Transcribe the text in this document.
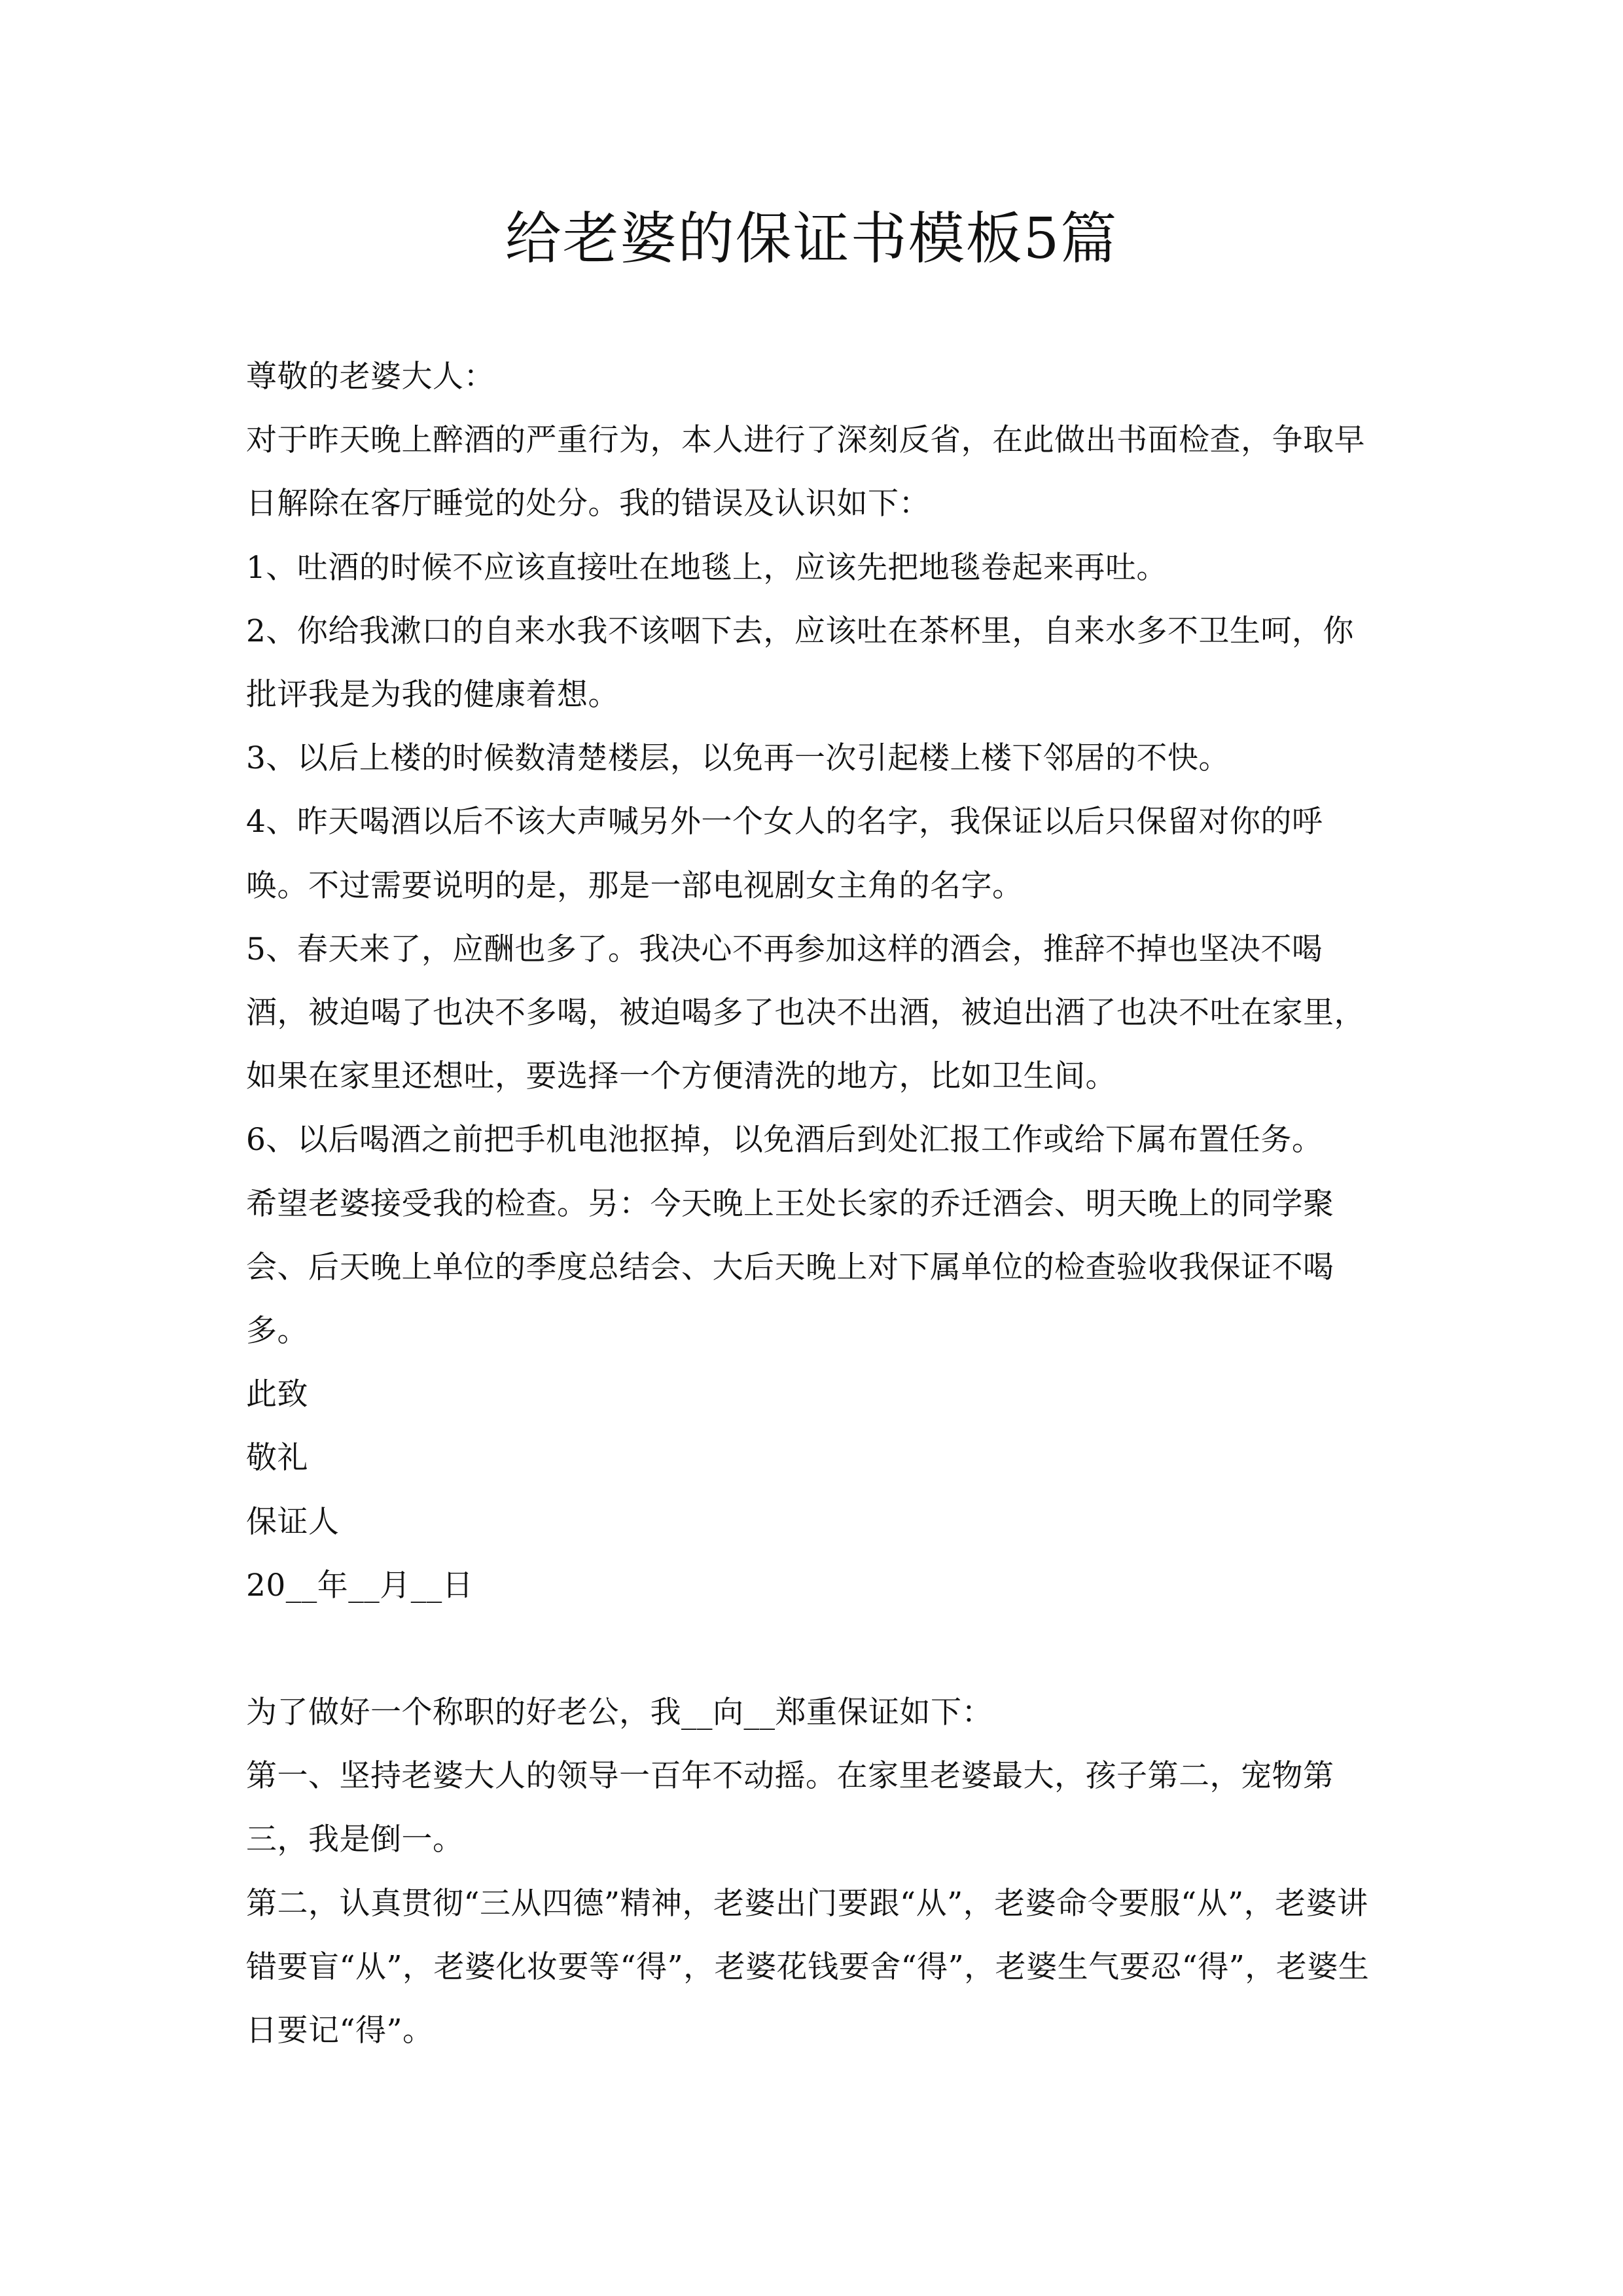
给老婆的保证书模板5篇

尊敬的老婆大人：

对于昨天晚上醉酒的严重行为，本人进行了深刻反省，在此做出书面检查，争取早日解除在客厅睡觉的处分。我的错误及认识如下：

1、吐酒的时候不应该直接吐在地毯上，应该先把地毯卷起来再吐。

2、你给我漱口的自来水我不该咽下去，应该吐在茶杯里，自来水多不卫生呵，你批评我是为我的健康着想。

3、以后上楼的时候数清楚楼层，以免再一次引起楼上楼下邻居的不快。

4、昨天喝酒以后不该大声喊另外一个女人的名字，我保证以后只保留对你的呼唤。不过需要说明的是，那是一部电视剧女主角的名字。

5、春天来了，应酬也多了。我决心不再参加这样的酒会，推辞不掉也坚决不喝酒，被迫喝了也决不多喝，被迫喝多了也决不出酒，被迫出酒了也决不吐在家里，如果在家里还想吐，要选择一个方便清洗的地方，比如卫生间。

6、以后喝酒之前把手机电池抠掉，以免酒后到处汇报工作或给下属布置任务。

希望老婆接受我的检查。另：今天晚上王处长家的乔迁酒会、明天晚上的同学聚会、后天晚上单位的季度总结会、大后天晚上对下属单位的检查验收我保证不喝多。

此致

敬礼

保证人

20__年__月__日

为了做好一个称职的好老公，我__向__郑重保证如下：

第一、坚持老婆大人的领导一百年不动摇。在家里老婆最大，孩子第二，宠物第三，我是倒一。

第二，认真贯彻“三从四德”精神，老婆出门要跟“从”，老婆命令要服“从”，老婆讲错要盲“从”，老婆化妆要等“得”，老婆花钱要舍“得”，老婆生气要忍“得”，老婆生日要记“得”。
